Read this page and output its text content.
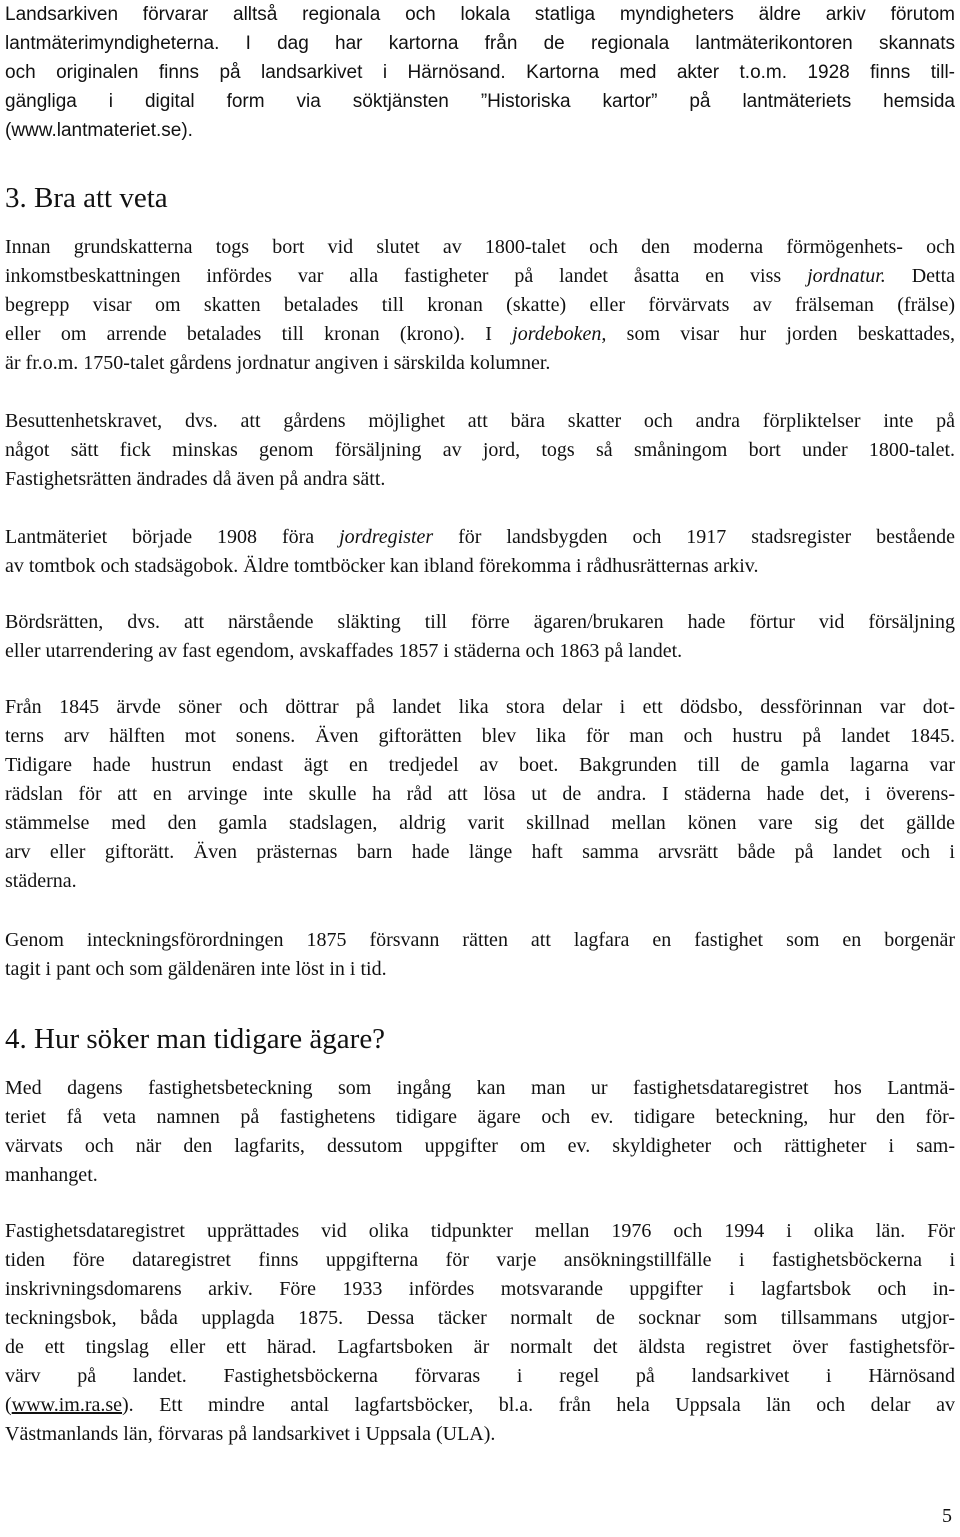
Landsarkiven förvarar alltså regionala och lokala statliga myndigheters äldre arkiv förutom
lantmäterimyndigheterna. I dag har kartorna från de regionala lantmäterikontoren skannats
och originalen finns på landsarkivet i Härnösand. Kartorna med akter t.o.m. 1928 finns till-
gängliga i digital form via söktjänsten ”Historiska kartor” på lantmäteriets hemsida
(www.lantmateriet.se).
3. Bra att veta
Innan grundskatterna togs bort vid slutet av 1800-talet och den moderna förmögenhets- och
inkomstbeskattningen infördes var alla fastigheter på landet åsatta en viss jordnatur. Detta
begrepp visar om skatten betalades till kronan (skatte) eller förvärvats av frälseman (frälse)
eller om arrende betalades till kronan (krono). I jordeboken, som visar hur jorden beskattades,
är fr.o.m. 1750-talet gårdens jordnatur angiven i särskilda kolumner.
Besuttenhetskravet, dvs. att gårdens möjlighet att bära skatter och andra förpliktelser inte på
något sätt fick minskas genom försäljning av jord, togs så småningom bort under 1800-talet.
Fastighetsrätten ändrades då även på andra sätt.
Lantmäteriet började 1908 föra jordregister för landsbygden och 1917 stadsregister bestående
av tomtbok och stadsägobok. Äldre tomtböcker kan ibland förekomma i rådhusrätternas arkiv.
Bördsrätten, dvs. att närstående släkting till förre ägaren/brukaren hade förtur vid försäljning
eller utarrendering av fast egendom, avskaffades 1857 i städerna och 1863 på landet.
Från 1845 ärvde söner och döttrar på landet lika stora delar i ett dödsbo, dessförinnan var dot-
terns arv hälften mot sonens. Även giftorätten blev lika för man och hustru på landet 1845.
Tidigare hade hustrun endast ägt en tredjedel av boet. Bakgrunden till de gamla lagarna var
rädslan för att en arvinge inte skulle ha råd att lösa ut de andra. I städerna hade det, i överens-
stämmelse med den gamla stadslagen, aldrig varit skillnad mellan könen vare sig det gällde
arv eller giftorätt. Även prästernas barn hade länge haft samma arvsrätt både på landet och i
städerna.
Genom inteckningsförordningen 1875 försvann rätten att lagfara en fastighet som en borgenär
tagit i pant och som gäldenären inte löst in i tid.
4. Hur söker man tidigare ägare?
Med dagens fastighetsbeteckning som ingång kan man ur fastighetsdataregistret hos Lantmä-
teriet få veta namnen på fastighetens tidigare ägare och ev. tidigare beteckning, hur den för-
värvats och när den lagfarits, dessutom uppgifter om ev. skyldigheter och rättigheter i sam-
manhanget.
Fastighetsdataregistret upprättades vid olika tidpunkter mellan 1976 och 1994 i olika län. För
tiden före dataregistret finns uppgifterna för varje ansökningstillfälle i fastighetsböckerna i
inskrivningsdomarens arkiv. Före 1933 infördes motsvarande uppgifter i lagfartsbok och in-
teckningsbok, båda upplagda 1875. Dessa täcker normalt de socknar som tillsammans utgjor-
de ett tingslag eller ett härad. Lagfartsboken är normalt det äldsta registret över fastighetsför-
värv på landet. Fastighetsböckerna förvaras i regel på landsarkivet i Härnösand
(www.im.ra.se). Ett mindre antal lagfartsböcker, bl.a. från hela Uppsala län och delar av
Västmanlands län, förvaras på landsarkivet i Uppsala (ULA).
5
